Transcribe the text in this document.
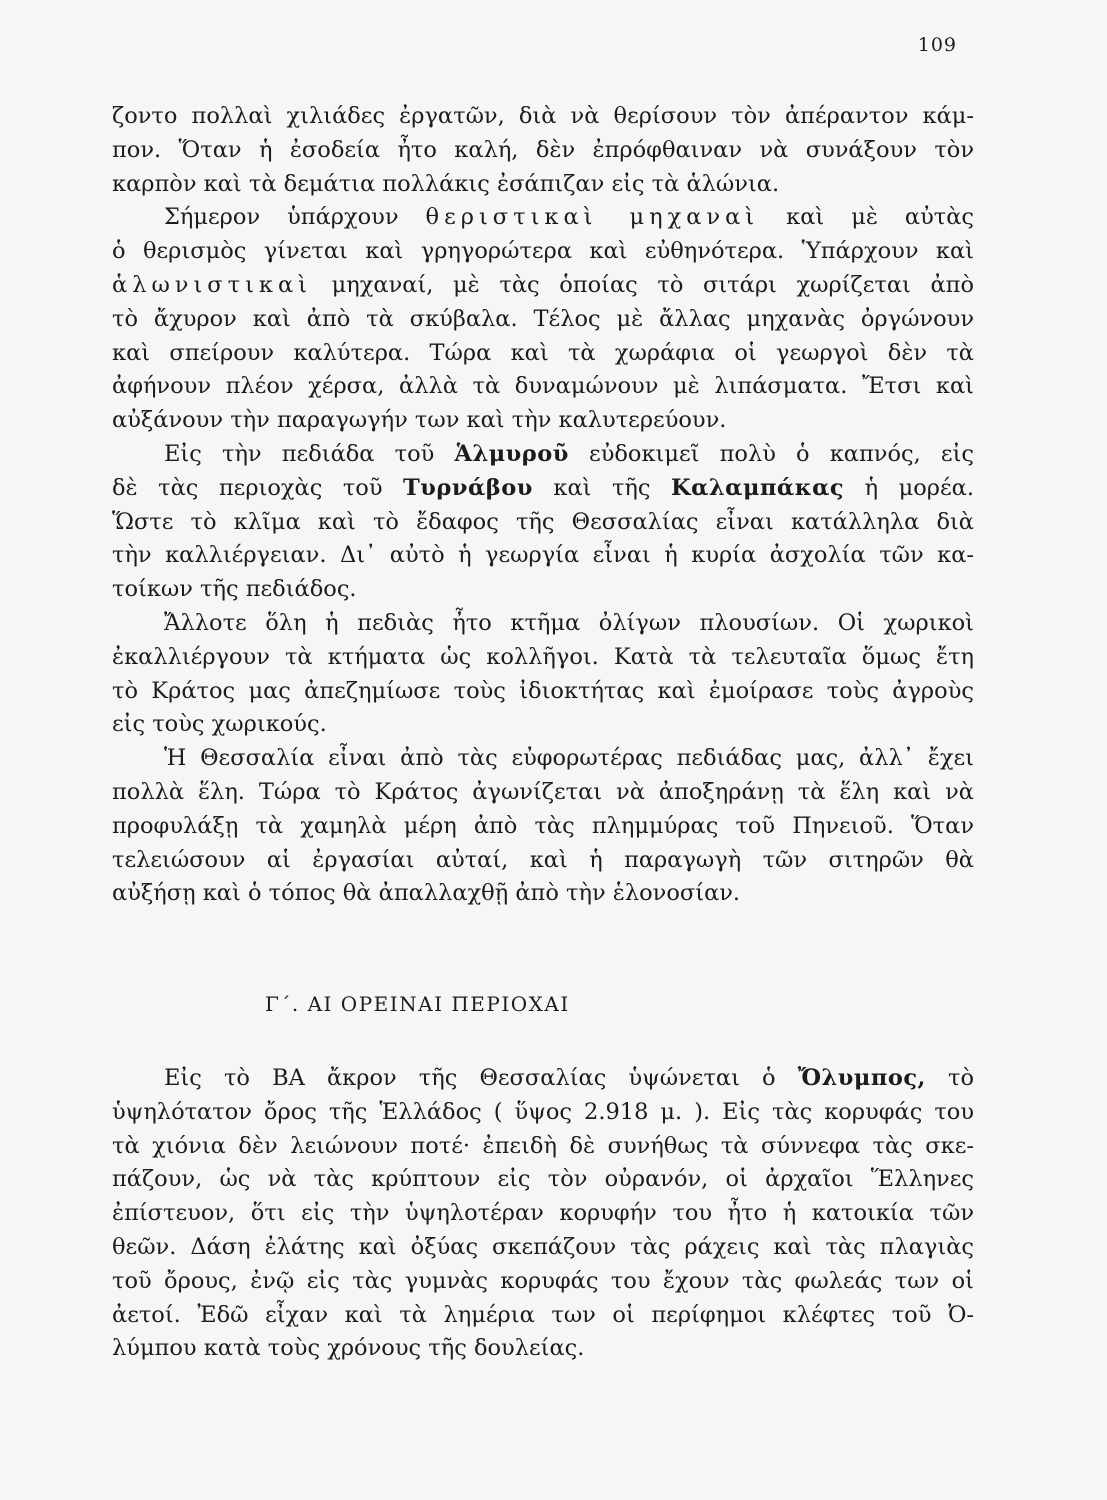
109
ζοντο πολλαὶ χιλιάδες ἐργατῶν, διὰ νὰ θερίσουν τὸν ἀπέραντον κάμ-
πον. Ὅταν ἡ ἐσοδεία ἦτο καλή, δὲν ἐπρόφθαιναν νὰ συνάξουν τὸν
καρπὸν καὶ τὰ δεμάτια πολλάκις ἐσάπιζαν εἰς τὰ ἁλώνια.
Σήμερον ὑπάρχουν θεριστικαὶ μηχαναὶ καὶ μὲ αὐτὰς
ὁ θερισμὸς γίνεται καὶ γρηγορώτερα καὶ εὐθηνότερα. Ὑπάρχουν καὶ
ἁλωνιστικαὶ μηχαναί, μὲ τὰς ὁποίας τὸ σιτάρι χωρίζεται ἀπὸ
τὸ ἄχυρον καὶ ἀπὸ τὰ σκύβαλα. Τέλος μὲ ἄλλας μηχανὰς ὀργώνουν
καὶ σπείρουν καλύτερα. Τώρα καὶ τὰ χωράφια οἱ γεωργοὶ δὲν τὰ
ἀφήνουν πλέον χέρσα, ἀλλὰ τὰ δυναμώνουν μὲ λιπάσματα. Ἔτσι καὶ
αὐξάνουν τὴν παραγωγήν των καὶ τὴν καλυτερεύουν.
Εἰς τὴν πεδιάδα τοῦ Ἁλμυροῦ εὐδοκιμεῖ πολὺ ὁ καπνός, εἰς
δὲ τὰς περιοχὰς τοῦ Τυρνάβου καὶ τῆς Καλαμπάκας ἡ μορέα.
Ὥστε τὸ κλῖμα καὶ τὸ ἔδαφος τῆς Θεσσαλίας εἶναι κατάλληλα διὰ
τὴν καλλιέργειαν. Δι᾽ αὐτὸ ἡ γεωργία εἶναι ἡ κυρία ἀσχολία τῶν κα-
τοίκων τῆς πεδιάδος.
Ἄλλοτε ὅλη ἡ πεδιὰς ἦτο κτῆμα ὀλίγων πλουσίων. Οἱ χωρικοὶ
ἐκαλλιέργουν τὰ κτήματα ὡς κολλῆγοι. Κατὰ τὰ τελευταῖα ὅμως ἔτη
τὸ Κράτος μας ἀπεζημίωσε τοὺς ἰδιοκτήτας καὶ ἐμοίρασε τοὺς ἀγροὺς
εἰς τοὺς χωρικούς.
Ἡ Θεσσαλία εἶναι ἀπὸ τὰς εὐφορωτέρας πεδιάδας μας, ἀλλ᾽ ἔχει
πολλὰ ἕλη. Τώρα τὸ Κράτος ἀγωνίζεται νὰ ἀποξηράνῃ τὰ ἕλη καὶ νὰ
προφυλάξῃ τὰ χαμηλὰ μέρη ἀπὸ τὰς πλημμύρας τοῦ Πηνειοῦ. Ὅταν
τελειώσουν αἱ ἐργασίαι αὐταί, καὶ ἡ παραγωγὴ τῶν σιτηρῶν θὰ
αὐξήσῃ καὶ ὁ τόπος θὰ ἀπαλλαχθῇ ἀπὸ τὴν ἑλονοσίαν.
Γ΄. ΑΙ ΟΡΕΙΝΑΙ ΠΕΡΙΟΧΑΙ
Εἰς τὸ ΒΑ ἄκρον τῆς Θεσσαλίας ὑψώνεται ὁ Ὄλυμπος, τὸ
ὑψηλότατον ὄρος τῆς Ἑλλάδος ( ὕψος 2.918 μ. ). Εἰς τὰς κορυφάς του
τὰ χιόνια δὲν λειώνουν ποτέ· ἐπειδὴ δὲ συνήθως τὰ σύννεφα τὰς σκε-
πάζουν, ὡς νὰ τὰς κρύπτουν εἰς τὸν οὐρανόν, οἱ ἀρχαῖοι Ἕλληνες
ἐπίστευον, ὅτι εἰς τὴν ὑψηλοτέραν κορυφήν του ἦτο ἡ κατοικία τῶν
θεῶν. Δάση ἐλάτης καὶ ὀξύας σκεπάζουν τὰς ράχεις καὶ τὰς πλαγιὰς
τοῦ ὄρους, ἐνῷ εἰς τὰς γυμνὰς κορυφάς του ἔχουν τὰς φωλεάς των οἱ
ἀετοί. Ἐδῶ εἶχαν καὶ τὰ λημέρια των οἱ περίφημοι κλέφτες τοῦ Ὀ-
λύμπου κατὰ τοὺς χρόνους τῆς δουλείας.
